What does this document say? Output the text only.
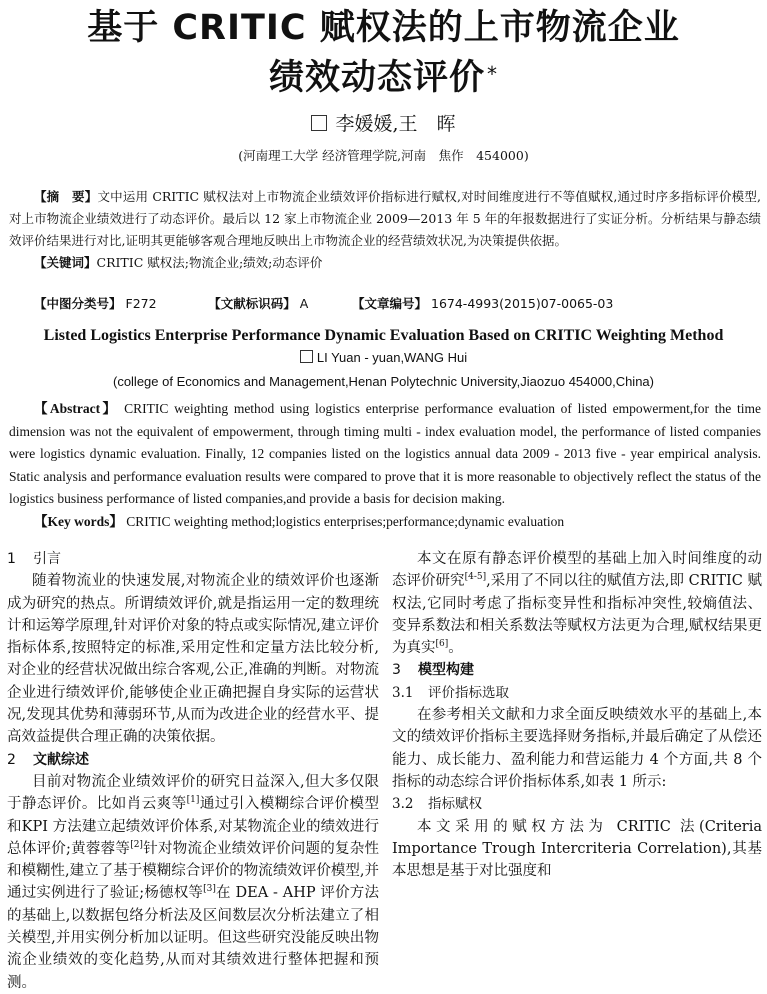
基于 CRITIC 赋权法的上市物流企业
绩效动态评价 *
李媛媛,王　晖
(河南理工大学 经济管理学院,河南　焦作　454000)

【摘　要】文中运用 CRITIC 赋权法对上市物流企业绩效评价指标进行赋权,对时间维度进行不等值赋权,通过时序多指标评价模型,对上市物流企业绩效进行了动态评价。最后以 12 家上市物流企业 2009—2013 年 5 年的年报数据进行了实证分析。分析结果与静态绩效评价结果进行对比,证明其更能够客观合理地反映出上市物流企业的经营绩效状况,为决策提供依据。

【关键词】CRITIC 赋权法;物流企业;绩效;动态评价

【中图分类号】 F272	【文献标识码】 A	【文章编号】 1674-4993(2015)07-0065-03
Listed Logistics Enterprise Performance Dynamic Evaluation Based on CRITIC Weighting Method
LI Yuan - yuan,WANG Hui
(college of Economics and Management,Henan Polytechnic University,Jiaozuo 454000,China)

【Abstract】 CRITIC weighting method using logistics enterprise performance evaluation of listed empowerment,for the time dimension was not the equivalent of empowerment, through timing multi - index evaluation model, the performance of listed companies were logistics dynamic evaluation. Finally, 12 companies listed on the logistics annual data 2009 - 2013 five - year empirical analysis. Static analysis and performance evaluation results were compared to prove that it is more reasonable to objectively reflect the status of the logistics business performance of listed companies,and provide a basis for decision making.

【Key words】 CRITIC weighting method;logistics enterprises;performance;dynamic evaluation

1 引言

随着物流业的快速发展,对物流企业的绩效评价也逐渐成为研究的热点。所谓绩效评价,就是指运用一定的数理统计和运筹学原理,针对评价对象的特点或实际情况,建立评价指标体系,按照特定的标准,采用定性和定量方法比较分析,对企业的经营状况做出综合客观,公正,准确的判断。对物流企业进行绩效评价,能够使企业正确把握自身实际的运营状况,发现其优势和薄弱环节,从而为改进企业的经营水平、提高效益提供合理正确的决策依据。

2 文献综述

目前对物流企业绩效评价的研究日益深入,但大多仅限于静态评价。比如肖云爽等[1]通过引入模糊综合评价模型和KPI 方法建立起绩效评价体系,对某物流企业的绩效进行总体评价;黄蓉蓉等[2]针对物流企业绩效评价问题的复杂性和模糊性,建立了基于模糊综合评价的物流绩效评价模型,并通过实例进行了验证;杨德权等[3]在 DEA - AHP 评价方法的基础上,以数据包络分析法及区间数层次分析法建立了相关模型,并用实例分析加以证明。但这些研究没能反映出物流企业绩效的变化趋势,从而对其绩效进行整体把握和预测。

本文在原有静态评价模型的基础上加入时间维度的动态评价研究[4-5],采用了不同以往的赋值方法,即 CRITIC 赋权法,它同时考虑了指标变异性和指标冲突性,较熵值法、变异系数法和相关系数法等赋权方法更为合理,赋权结果更为真实[6]。

3 模型构建

3.1 评价指标选取

在参考相关文献和力求全面反映绩效水平的基础上,本文的绩效评价指标主要选择财务指标,并最后确定了从偿还能力、成长能力、盈利能力和营运能力 4 个方面,共 8 个指标的动态综合评价指标体系,如表 1 所示:

3.2 指标赋权

本文采用的赋权方法为 CRITIC 法(Criteria Importance Trough Intercriteria Correlation),其基本思想是基于对比强度和
